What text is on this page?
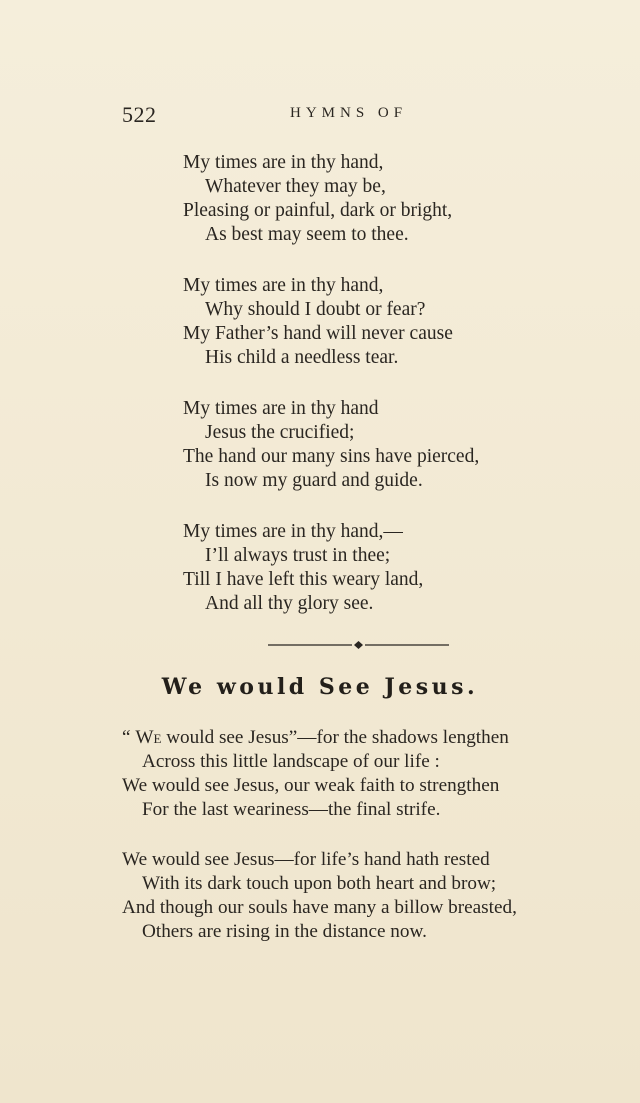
522	HYMNS OF
My times are in thy hand,
Whatever they may be,
Pleasing or painful, dark or bright,
As best may seem to thee.
My times are in thy hand,
Why should I doubt or fear?
My Father’s hand will never cause
His child a needless tear.
My times are in thy hand
Jesus the crucified;
The hand our many sins have pierced,
Is now my guard and guide.
My times are in thy hand,—
I’ll always trust in thee;
Till I have left this weary land,
And all thy glory see.
We would See Jesus.
“ We would see Jesus”—for the shadows lengthen
Across this little landscape of our life :
We would see Jesus, our weak faith to strengthen
For the last weariness—the final strife.
We would see Jesus—for life’s hand hath rested
With its dark touch upon both heart and brow;
And though our souls have many a billow breasted,
Others are rising in the distance now.
